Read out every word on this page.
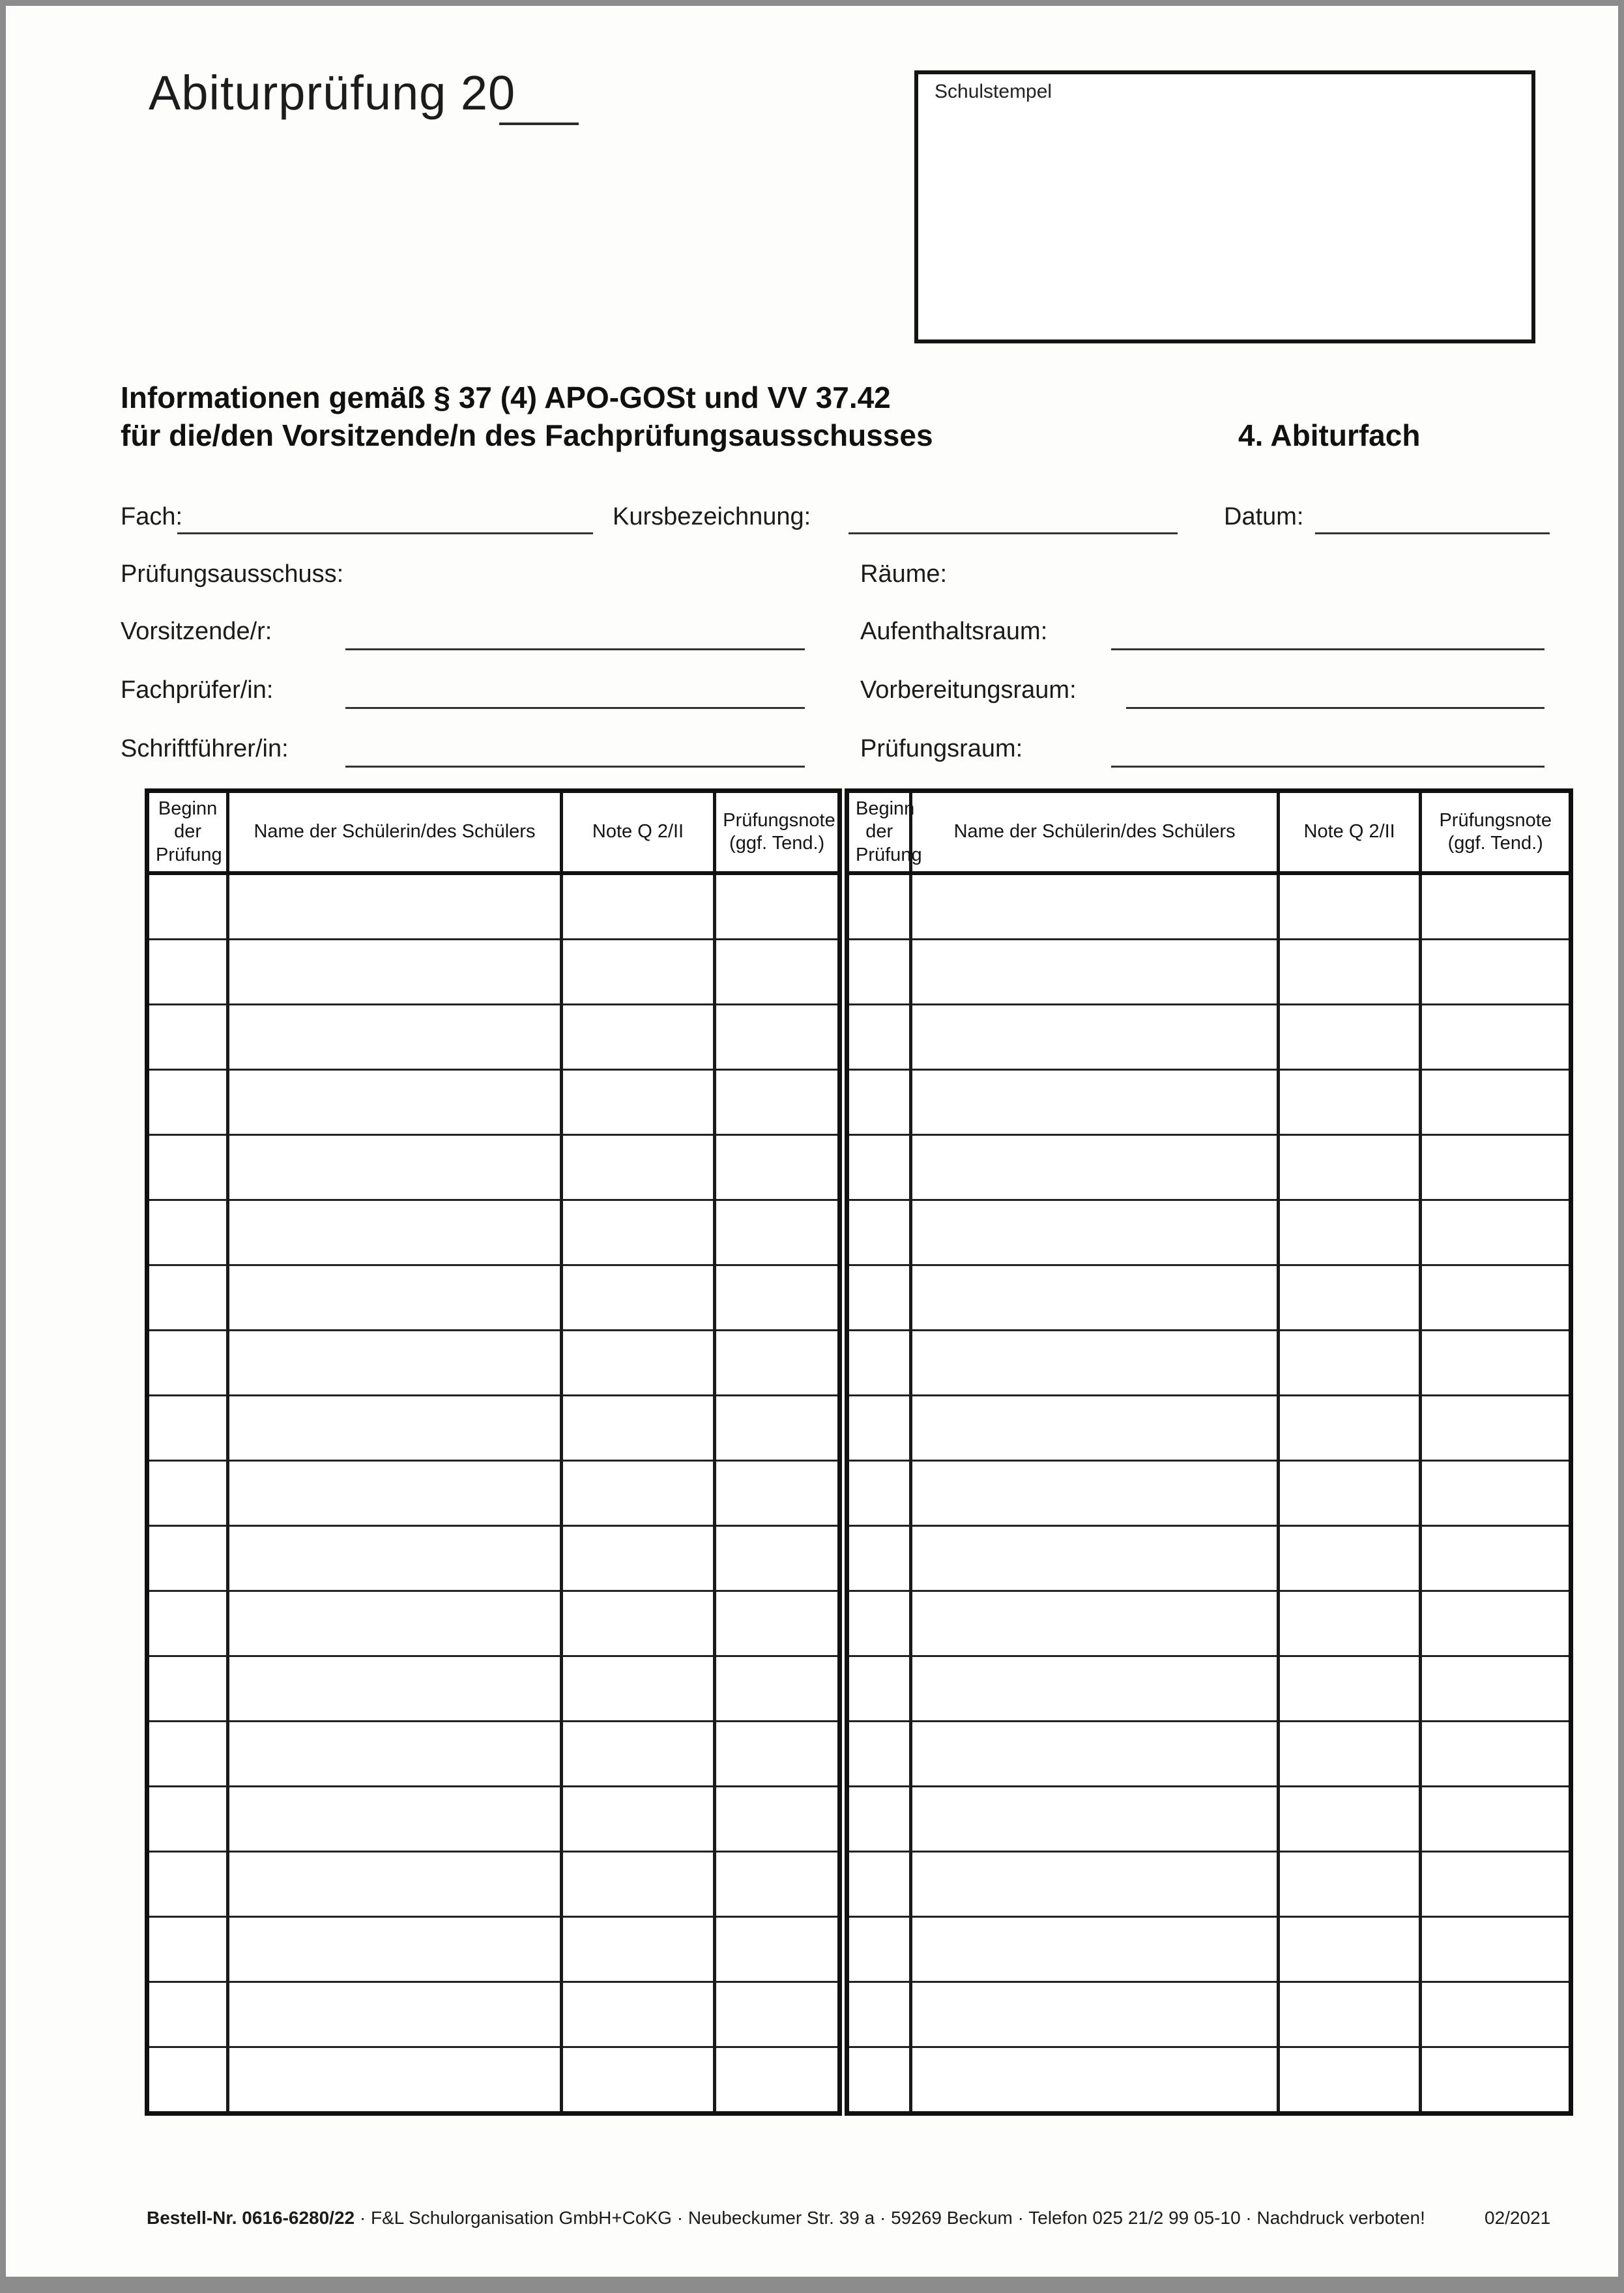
Abiturprüfung 20	Schulstempel
Informationen gemäß § 37 (4) APO-GOSt und VV 37.42
für die/den Vorsitzende/n des Fachprüfungsausschusses	4. Abiturfach
Fach:	Kursbezeichnung:	Datum:
Prüfungsausschuss:	Räume:
Vorsitzende/r:	Aufenthaltsraum:
Fachprüfer/in:	Vorbereitungsraum:
Schriftführer/in:	Prüfungsraum:
Beginn der Prüfung	Name der Schülerin/des Schülers	Note Q 2/II	Prüfungsnote (ggf. Tend.)

Beginn der Prüfung	Name der Schülerin/des Schülers	Note Q 2/II	Prüfungsnote (ggf. Tend.)

Bestell-Nr. 0616-6280/22 · F&L Schulorganisation GmbH+CoKG · Neubeckumer Str. 39 a · 59269 Beckum · Telefon 025 21/2 99 05-10 · Nachdruck verboten!	02/2021
